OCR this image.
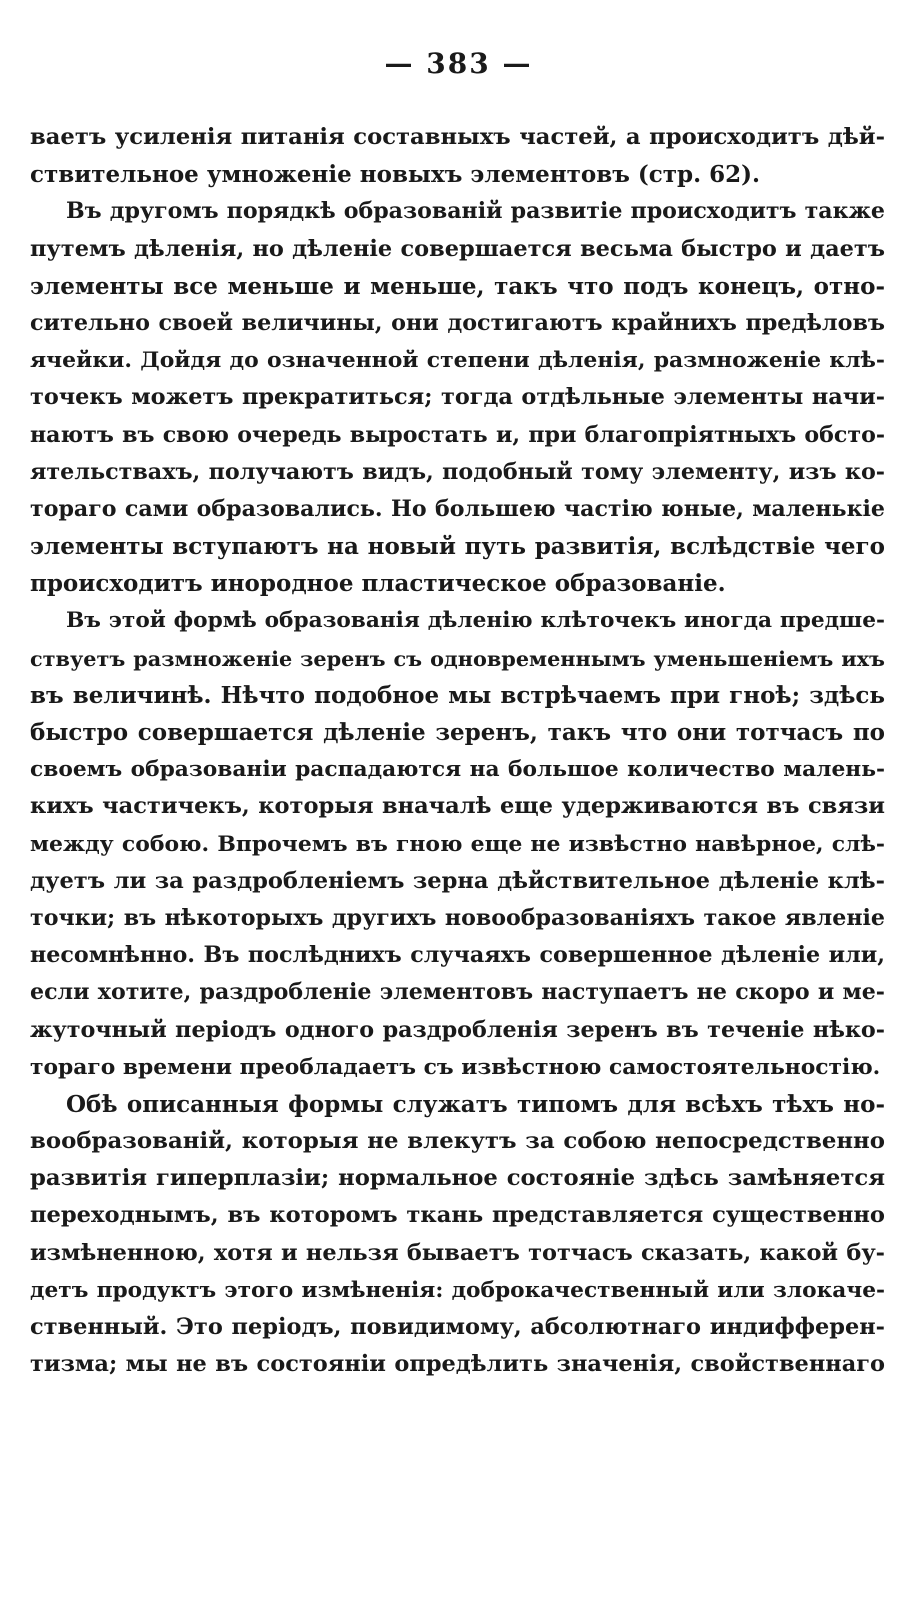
— 383 —
ваетъ усиленія питанія составныхъ частей, а происходитъ дѣй-
ствительное умноженіе новыхъ элементовъ (стр. 62).
Въ другомъ порядкѣ образованій развитіе происходитъ также
путемъ дѣленія, но дѣленіе совершается весьма быстро и даетъ
элементы все меньше и меньше, такъ что подъ конецъ, отно-
сительно своей величины, они достигаютъ крайнихъ предѣловъ
ячейки. Дойдя до означенной степени дѣленія, размноженіе клѣ-
точекъ можетъ прекратиться; тогда отдѣльные элементы начи-
наютъ въ свою очередь выростать и, при благопріятныхъ обсто-
ятельствахъ, получаютъ видъ, подобный тому элементу, изъ ко-
тораго сами образовались. Но большею частію юные, маленькіе
элементы вступаютъ на новый путь развитія, вслѣдствіе чего
происходитъ инородное пластическое образованіе.
Въ этой формѣ образованія дѣленію клѣточекъ иногда предше-
ствуетъ размноженіе зеренъ съ одновременнымъ уменьшеніемъ ихъ
въ величинѣ. Нѣчто подобное мы встрѣчаемъ при гноѣ; здѣсь
быстро совершается дѣленіе зеренъ, такъ что они тотчасъ по
своемъ образованіи распадаются на большое количество малень-
кихъ частичекъ, которыя вначалѣ еще удерживаются въ связи
между собою. Впрочемъ въ гною еще не извѣстно навѣрное, слѣ-
дуетъ ли за раздробленіемъ зерна дѣйствительное дѣленіе клѣ-
точки; въ нѣкоторыхъ другихъ новообразованіяхъ такое явленіе
несомнѣнно. Въ послѣднихъ случаяхъ совершенное дѣленіе или,
если хотите, раздробленіе элементовъ наступаетъ не скоро и ме-
жуточный періодъ одного раздробленія зеренъ въ теченіе нѣко-
тораго времени преобладаетъ съ извѣстною самостоятельностію.
Обѣ описанныя формы служатъ типомъ для всѣхъ тѣхъ но-
вообразованій, которыя не влекутъ за собою непосредственно
развитія гиперплазіи; нормальное состояніе здѣсь замѣняется
переходнымъ, въ которомъ ткань представляется существенно
измѣненною, хотя и нельзя бываетъ тотчасъ сказать, какой бу-
детъ продуктъ этого измѣненія: доброкачественный или злокаче-
ственный. Это періодъ, повидимому, абсолютнаго индифферен-
тизма; мы не въ состояніи опредѣлить значенія, свойственнаго
